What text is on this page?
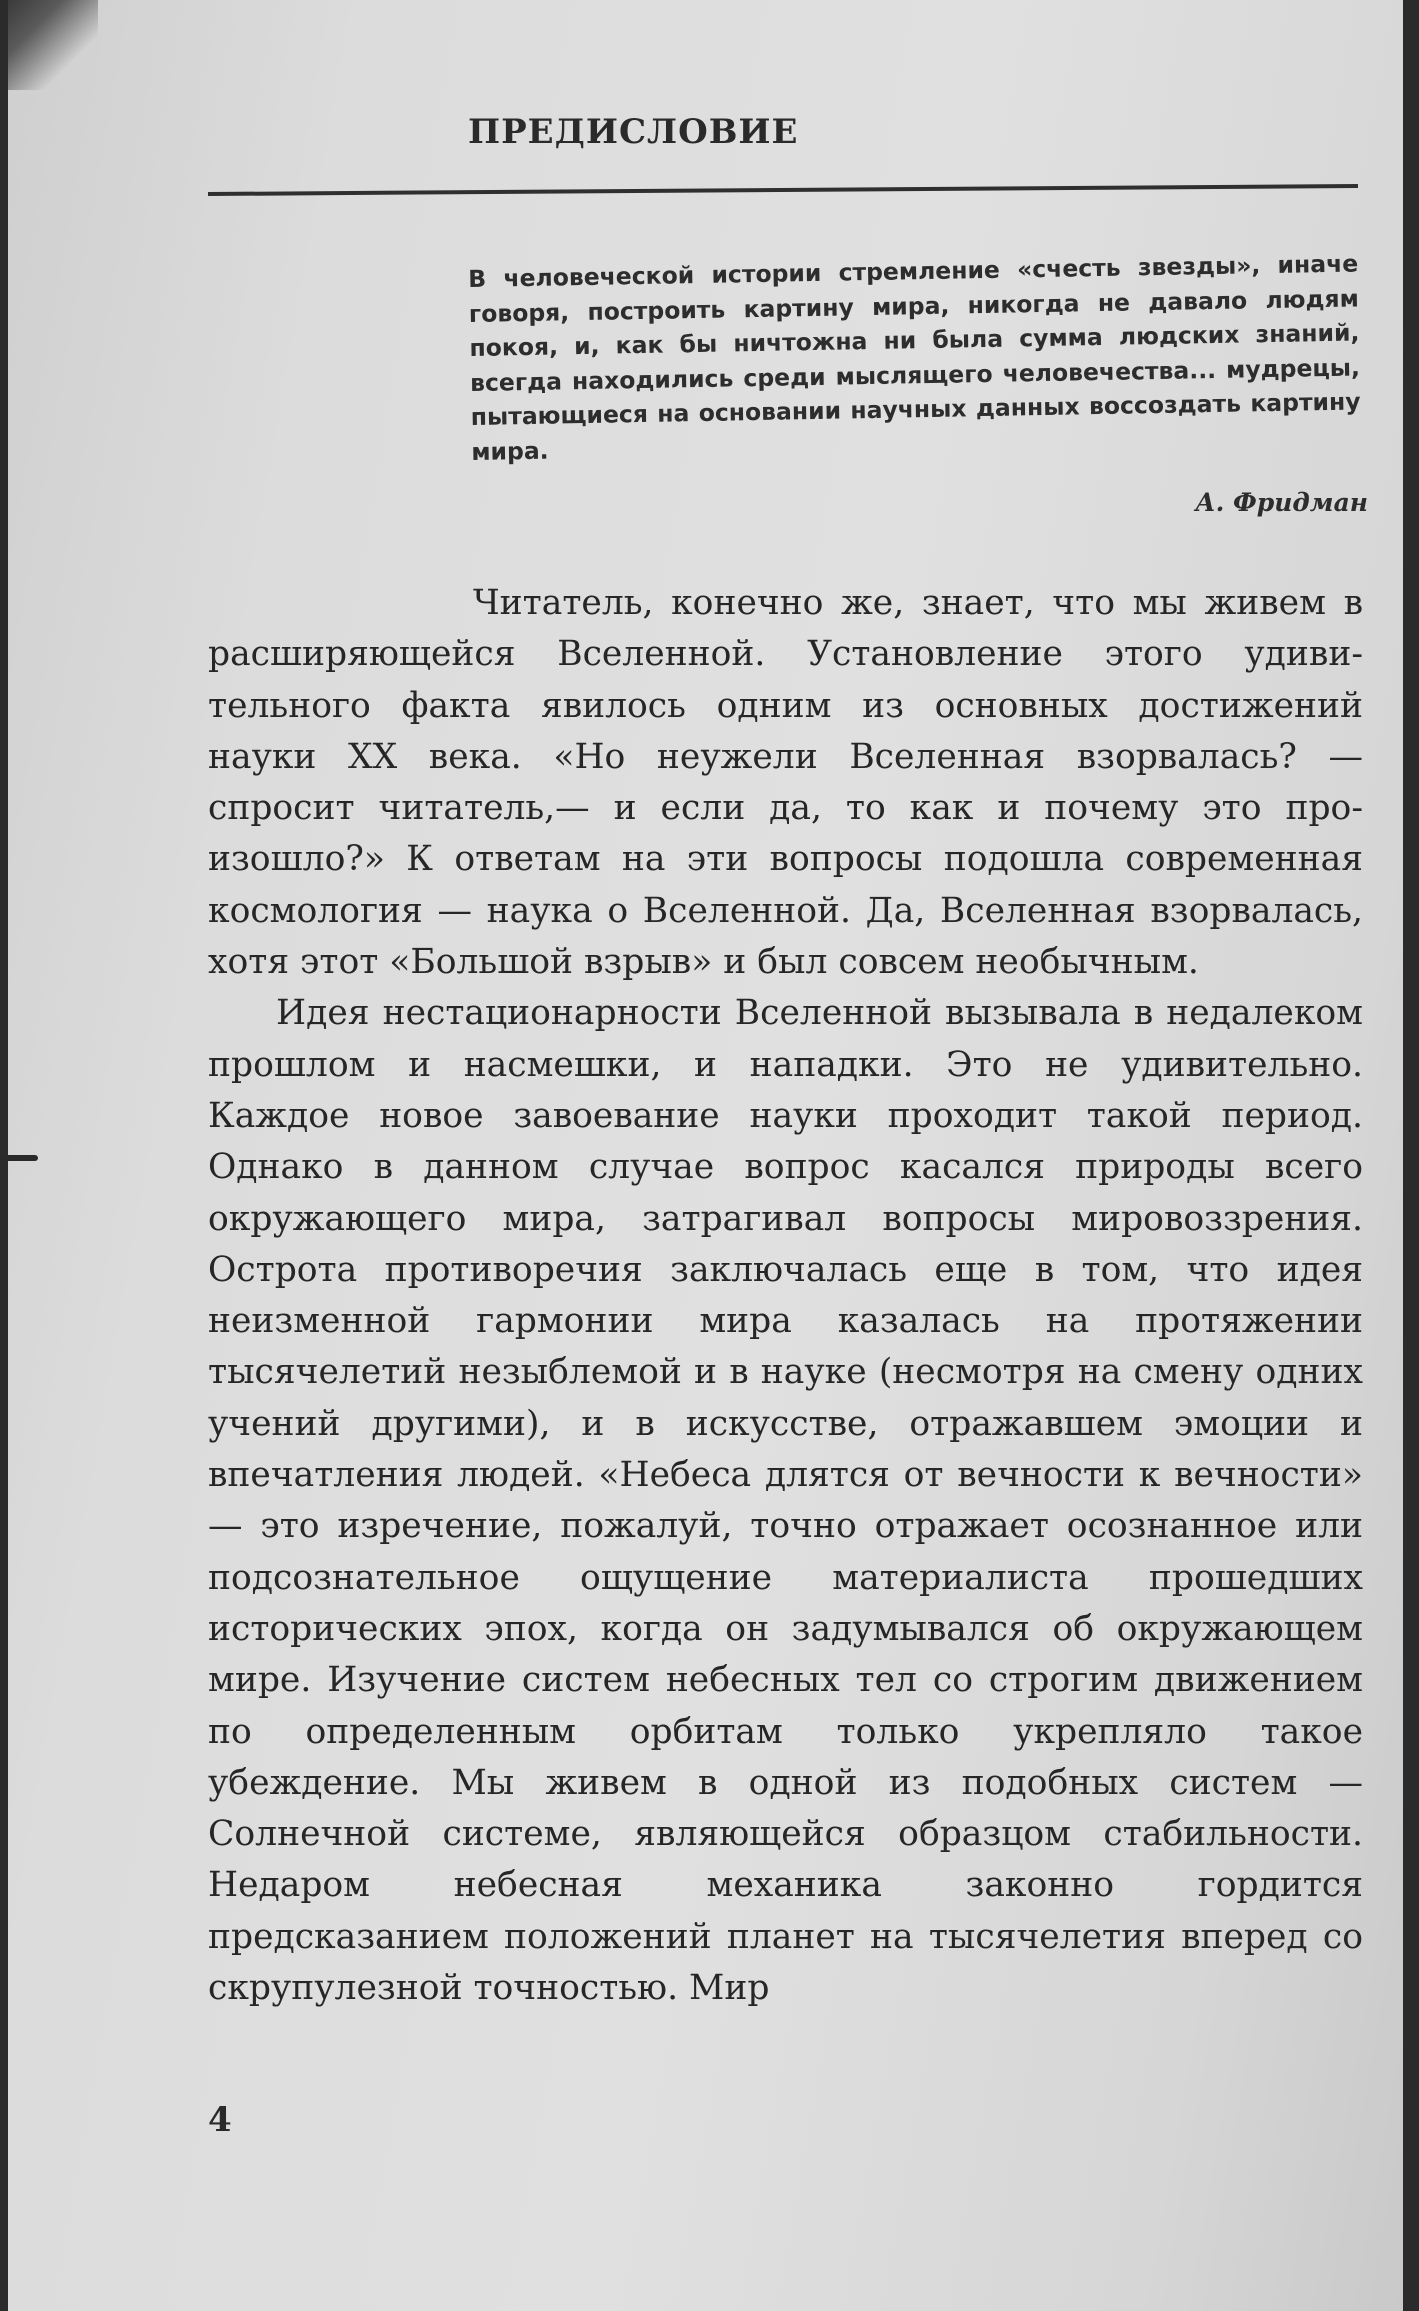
ПРЕДИСЛОВИЕ
В человеческой истории стремление «счесть звезды», иначе говоря, построить картину мира, никогда не давало людям покоя, и, как бы ничтожна ни была сумма людских знаний, всегда находились среди мыслящего человечества... мудрецы, пытающиеся на основании научных данных воссоздать картину мира.
А. Фридман

Читатель, конечно же, знает, что мы живем в расширяющейся Вселенной. Установление этого удивительного факта явилось одним из основных достижений науки XX века. «Но неужели Вселенная взорвалась? — спросит читатель,— и если да, то как и почему это произошло?» К ответам на эти вопросы подошла современная космология — наука о Вселенной. Да, Вселенная взорвалась, хотя этот «Большой взрыв» и был совсем необычным.

Идея нестационарности Вселенной вызывала в недалеком прошлом и насмешки, и нападки. Это не удивительно. Каждое новое завоевание науки проходит такой период. Однако в данном случае вопрос касался природы всего окружающего мира, затрагивал вопросы мировоззрения. Острота противоречия заключалась еще в том, что идея неизменной гармонии мира казалась на протяжении тысячелетий незыблемой и в науке (несмотря на смену одних учений другими), и в искусстве, отражавшем эмоции и впечатления людей. «Небеса длятся от вечности к вечности» — это изречение, пожалуй, точно отражает осознанное или подсознательное ощущение материалиста прошедших исторических эпох, когда он задумывался об окружающем мире. Изучение систем небесных тел со строгим движением по определенным орбитам только укрепляло такое убеждение. Мы живем в одной из подобных систем — Солнечной системе, являющейся образцом стабильности. Недаром небесная механика законно гордится предсказанием положений планет на тысячелетия вперед со скрупулезной точностью. Мир

4
